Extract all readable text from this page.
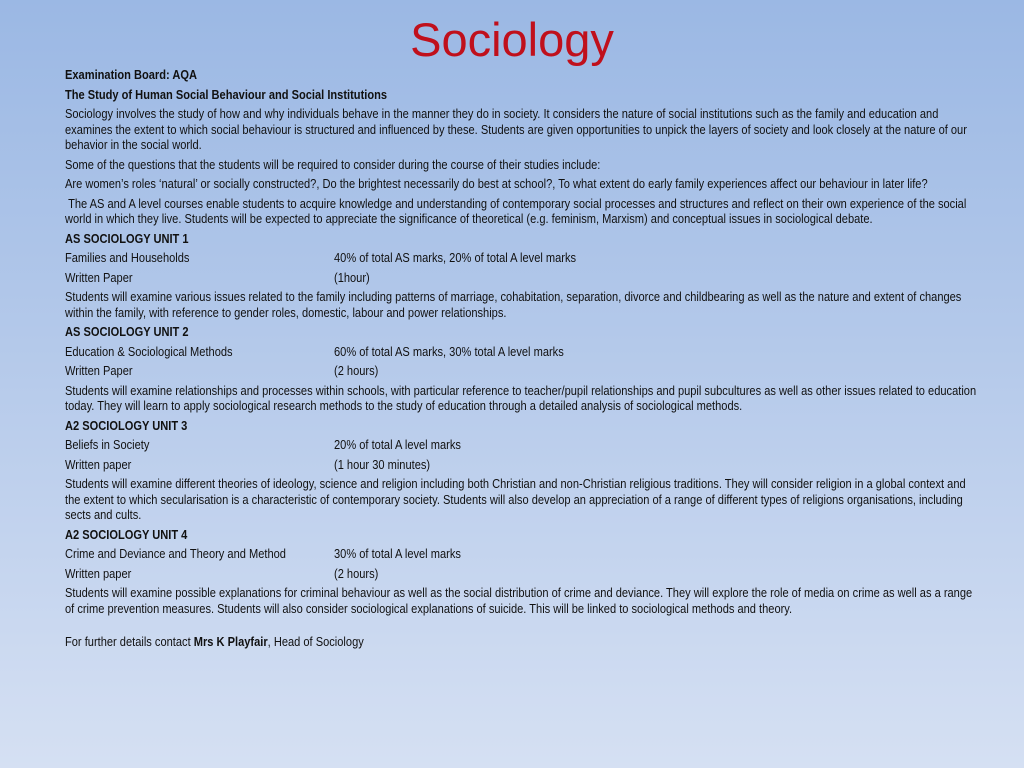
Sociology

Examination Board: AQA

The Study of Human Social Behaviour and Social Institutions

Sociology involves the study of how and why individuals behave in the manner they do in society. It considers the nature of social institutions such as the family and education and examines the extent to which social behaviour is structured and influenced by these. Students are given opportunities to unpick the layers of society and look closely at the nature of our behavior in the social world.

Some of the questions that the students will be required to consider during the course of their studies include:

Are women’s roles ‘natural’ or socially constructed?, Do the brightest necessarily do best at school?, To what extent do early family experiences affect our behaviour in later life?

The AS and A level courses enable students to acquire knowledge and understanding of contemporary social processes and structures and reflect on their own experience of the social world in which they live. Students will be expected to appreciate the significance of theoretical (e.g. feminism, Marxism) and conceptual issues in sociological debate.

AS SOCIOLOGY UNIT 1

Families and Households	40% of total AS marks, 20% of total A level marks
Written Paper	(1hour)

Students will examine various issues related to the family including patterns of marriage, cohabitation, separation, divorce and childbearing as well as the nature and extent of changes within the family, with reference to gender roles, domestic, labour and power relationships.

AS SOCIOLOGY UNIT 2

Education & Sociological Methods	60% of total AS marks, 30% total A level marks
Written Paper	(2 hours)

Students will examine relationships and processes within schools, with particular reference to teacher/pupil relationships and pupil subcultures as well as other issues related to education today. They will learn to apply sociological research methods to the study of education through a detailed analysis of sociological methods.

A2 SOCIOLOGY UNIT 3

Beliefs in Society	20% of total A level marks
Written paper	(1 hour 30 minutes)

Students will examine different theories of ideology, science and religion including both Christian and non-Christian religious traditions. They will consider religion in a global context and the extent to which secularisation is a characteristic of contemporary society. Students will also develop an appreciation of a range of different types of religions organisations, including sects and cults.

A2 SOCIOLOGY UNIT 4

Crime and Deviance and Theory and Method	30% of total A level marks
Written paper	(2 hours)

Students will examine possible explanations for criminal behaviour as well as the social distribution of crime and deviance. They will explore the role of media on crime as well as a range of crime prevention measures. Students will also consider sociological explanations of suicide. This will be linked to sociological methods and theory.

For further details contact Mrs K Playfair, Head of Sociology
